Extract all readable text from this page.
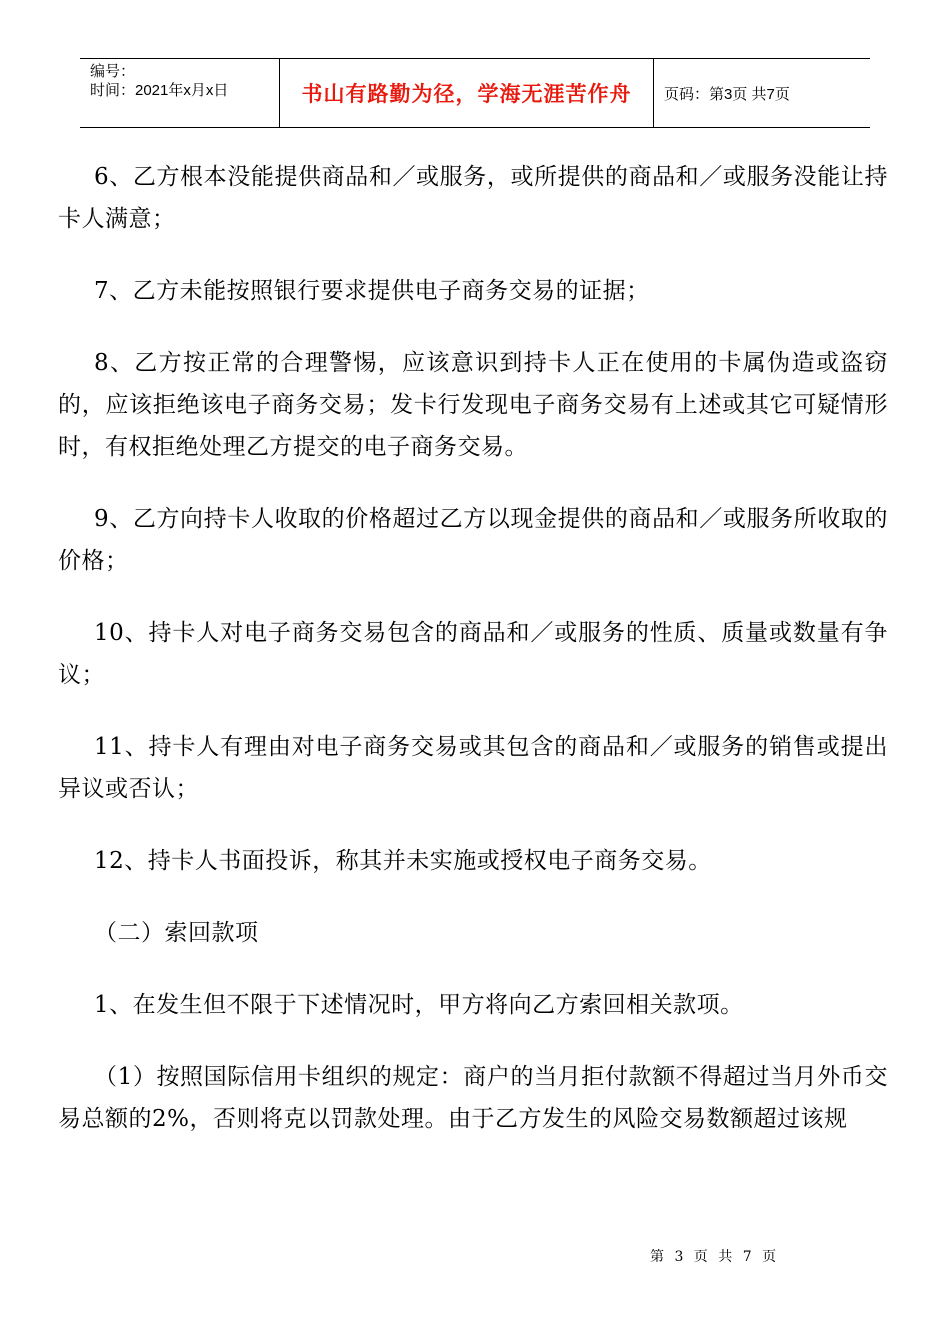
编号：
时间：2021年x月x日	书山有路勤为径，学海无涯苦作舟 页码：第3页 共7页

6、乙方根本没能提供商品和／或服务，或所提供的商品和／或服务没能让持卡人满意；

7、乙方未能按照银行要求提供电子商务交易的证据；

8、乙方按正常的合理警惕，应该意识到持卡人正在使用的卡属伪造或盗窃的，应该拒绝该电子商务交易；发卡行发现电子商务交易有上述或其它可疑情形时，有权拒绝处理乙方提交的电子商务交易。

9、乙方向持卡人收取的价格超过乙方以现金提供的商品和／或服务所收取的价格；

10、持卡人对电子商务交易包含的商品和／或服务的性质、质量或数量有争议；

11、持卡人有理由对电子商务交易或其包含的商品和／或服务的销售或提出异议或否认；

12、持卡人书面投诉，称其并未实施或授权电子商务交易。

（二）索回款项

1、在发生但不限于下述情况时，甲方将向乙方索回相关款项。

（1）按照国际信用卡组织的规定：商户的当月拒付款额不得超过当月外币交易总额的2%，否则将克以罚款处理。由于乙方发生的风险交易数额超过该规

第 3 页 共 7 页
